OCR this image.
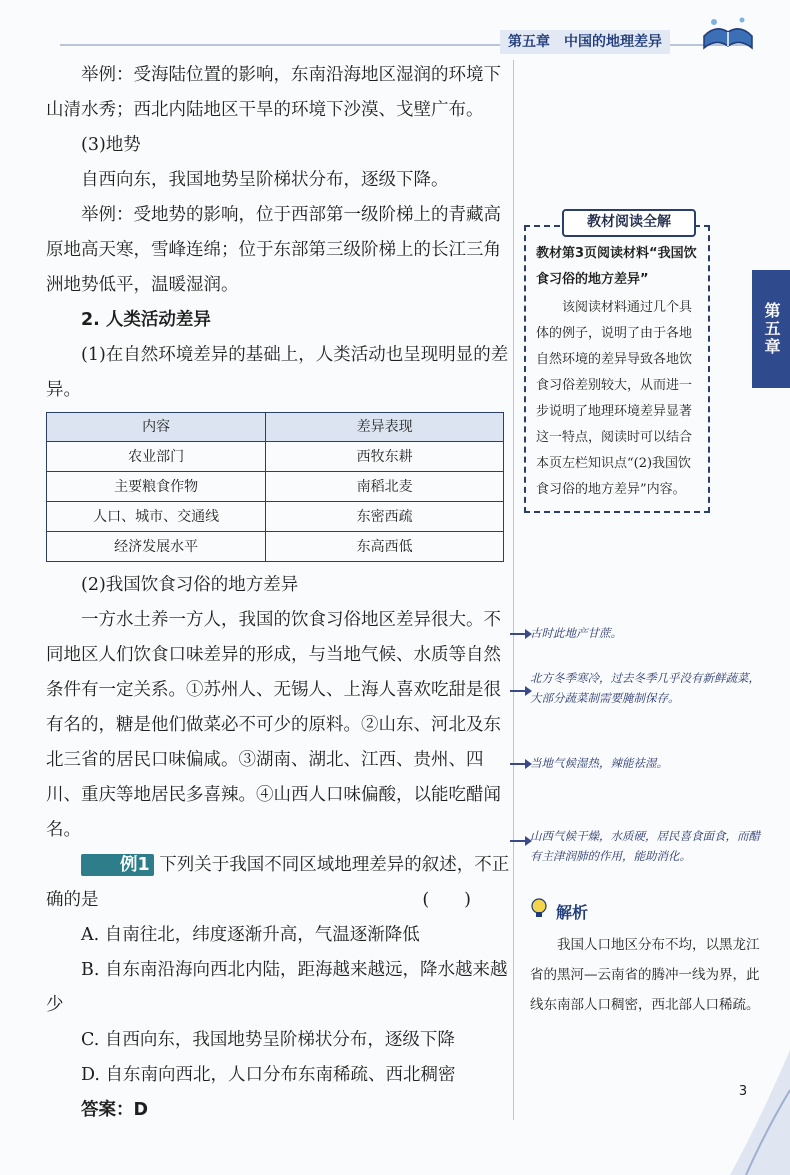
第五章　中国的地理差异

举例：受海陆位置的影响，东南沿海地区湿润的环境下山清水秀；西北内陆地区干旱的环境下沙漠、戈壁广布。

(3)地势

自西向东，我国地势呈阶梯状分布，逐级下降。

举例：受地势的影响，位于西部第一级阶梯上的青藏高原地高天寒，雪峰连绵；位于东部第三级阶梯上的长江三角洲地势低平，温暖湿润。

2. 人类活动差异

(1)在自然环境差异的基础上，人类活动也呈现明显的差异。

内容	差异表现
农业部门	西牧东耕
主要粮食作物	南稻北麦
人口、城市、交通线	东密西疏
经济发展水平	东高西低

(2)我国饮食习俗的地方差异

一方水土养一方人，我国的饮食习俗地区差异很大。不同地区人们饮食口味差异的形成，与当地气候、水质等自然条件有一定关系。①苏州人、无锡人、上海人喜欢吃甜是很有名的，糖是他们做菜必不可少的原料。②山东、河北及东北三省的居民口味偏咸。③湖南、湖北、江西、贵州、四川、重庆等地居民多喜辣。④山西人口味偏酸，以能吃醋闻名。

例1 下列关于我国不同区域地理差异的叙述，不正确的是	(　　)

A. 自南往北，纬度逐渐升高，气温逐渐降低

B. 自东南沿海向西北内陆，距海越来越远，降水越来越少

C. 自西向东，我国地势呈阶梯状分布，逐级下降

D. 自东南向西北，人口分布东南稀疏、西北稠密

答案：D

教材第3页阅读材料“我国饮食习俗的地方差异”

该阅读材料通过几个具体的例子，说明了由于各地自然环境的差异导致各地饮食习俗差别较大，从而进一步说明了地理环境差异显著这一特点，阅读时可以结合本页左栏知识点“(2)我国饮食习俗的地方差异”内容。

教材阅读全解
古时此地产甘蔗。
北方冬季寒冷，过去冬季几乎没有新鲜蔬菜，大部分蔬菜制需要腌制保存。
当地气候湿热，辣能祛湿。
山西气候干燥，水质硬，居民喜食面食，而醋有主津润肺的作用，能助消化。
解析
我国人口地区分布不均，以黑龙江省的黑河—云南省的腾冲一线为界，此线东南部人口稠密，西北部人口稀疏。
第五章
3
